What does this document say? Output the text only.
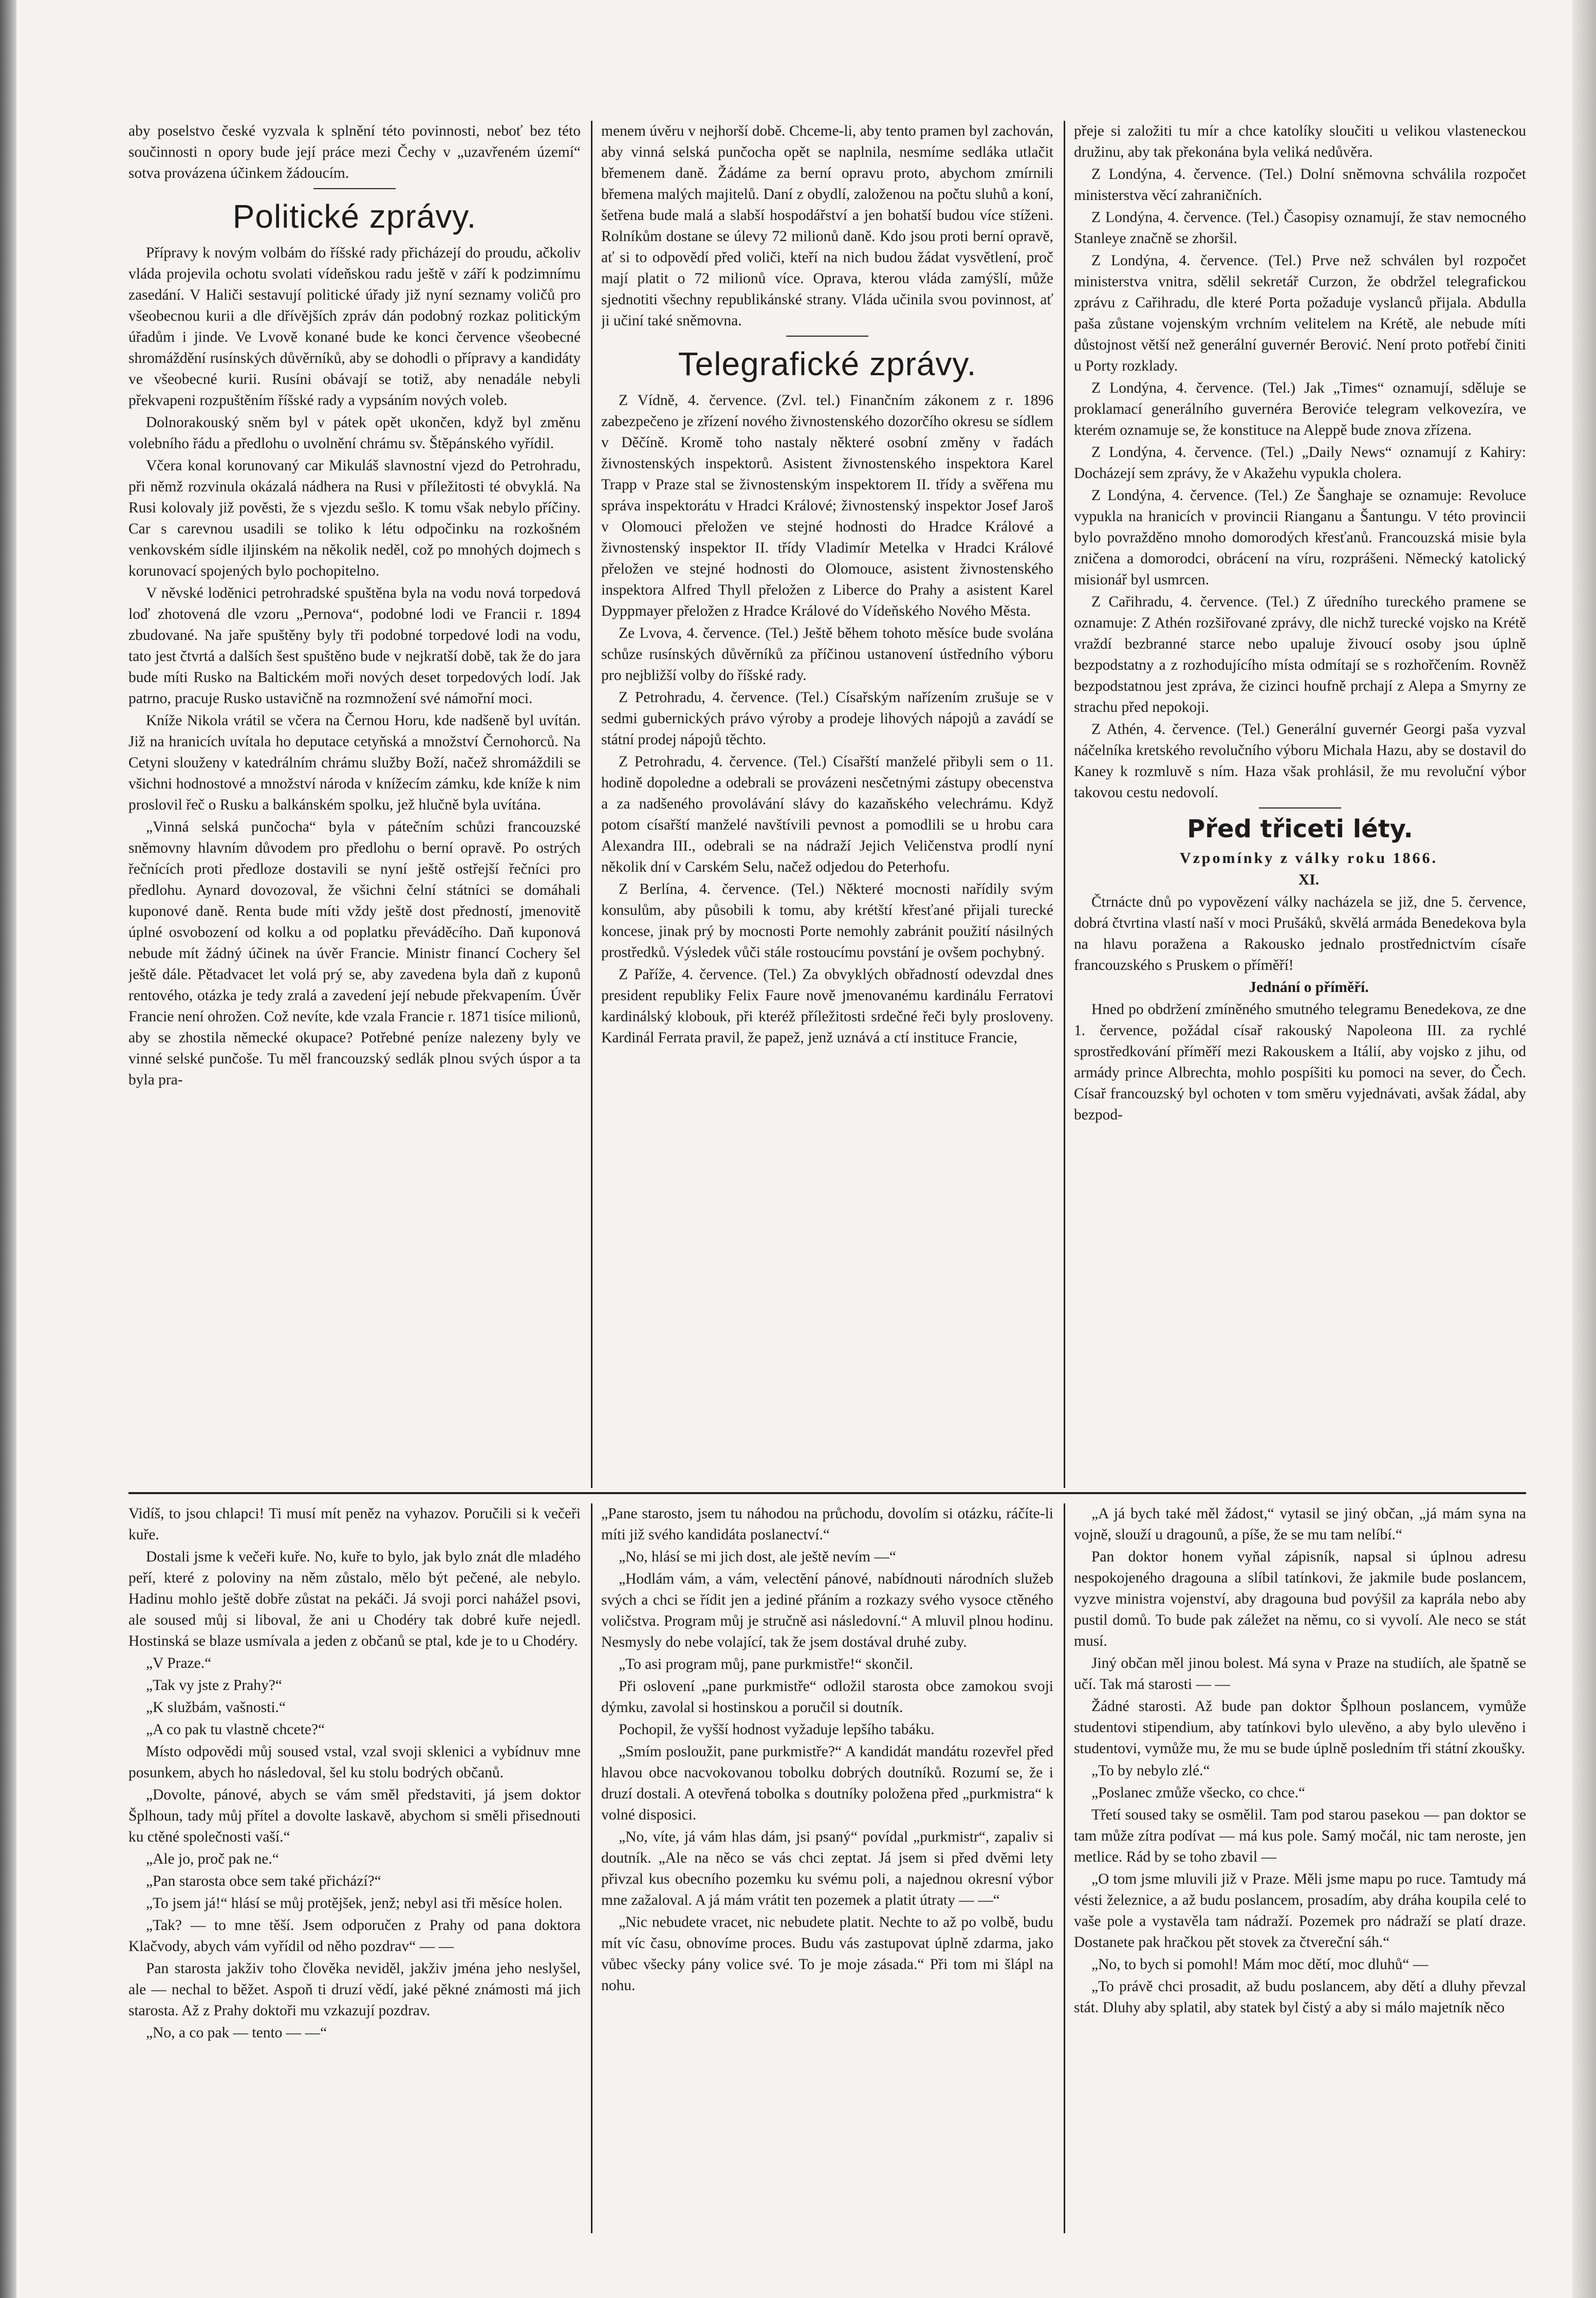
aby poselstvo české vyzvala k splnění této povinnosti, neboť bez této součinnosti n opory bude její práce mezi Čechy v „uzavřeném území“ sotva provázena účinkem žádoucím.

Politické zprávy.

Přípravy k novým volbám do říšské rady přicházejí do proudu, ačkoliv vláda projevila ochotu svolati vídeňskou radu ještě v září k podzimnímu zasedání. V Haliči sestavují politické úřady již nyní seznamy voličů pro všeobecnou kurii a dle dřívějších zpráv dán podobný rozkaz politickým úřadům i jinde. Ve Lvově konané bude ke konci července všeobecné shromáždění rusínských důvěrníků, aby se dohodli o přípravy a kandidáty ve všeobecné kurii. Rusíni obávají se totiž, aby nenadále nebyli překvapeni rozpuštěním říšské rady a vypsáním nových voleb.

Dolnorakouský sněm byl v pátek opět ukončen, když byl změnu volebního řádu a předlohu o uvolnění chrámu sv. Štěpánského vyřídil.

Včera konal korunovaný car Mikuláš slavnostní vjezd do Petrohradu, při němž rozvinula okázalá nádhera na Rusi v příležitosti té obvyklá. Na Rusi kolovaly již pověsti, že s vjezdu sešlo. K tomu však nebylo příčiny. Car s carevnou usadili se toliko k létu odpočinku na rozkošném venkovském sídle iljinském na několik neděl, což po mnohých dojmech s korunovací spojených bylo pochopitelno.

V něvské loděnici petrohradské spuštěna byla na vodu nová torpedová loď zhotovená dle vzoru „Pernova“, podobné lodi ve Francii r. 1894 zbudované. Na jaře spuštěny byly tři podobné torpedové lodi na vodu, tato jest čtvrtá a dalších šest spuštěno bude v nejkratší době, tak že do jara bude míti Rusko na Baltickém moři nových deset torpedových lodí. Jak patrno, pracuje Rusko ustavičně na rozmnožení své námořní moci.

Kníže Nikola vrátil se včera na Černou Horu, kde nadšeně byl uvítán. Již na hranicích uvítala ho deputace cetyňská a množství Černohorců. Na Cetyni slouženy v katedrálním chrámu služby Boží, načež shromáždili se všichni hodnostové a množství národa v knížecím zámku, kde kníže k nim proslovil řeč o Rusku a balkánském spolku, jež hlučně byla uvítána.

„Vinná selská punčocha“ byla v pátečním schůzi francouzské sněmovny hlavním důvodem pro předlohu o berní opravě. Po ostrých řečnících proti předloze dostavili se nyní ještě ostřejší řečníci pro předlohu. Aynard dovozoval, že všichni čelní státníci se domáhali kuponové daně. Renta bude míti vždy ještě dost předností, jmenovitě úplné osvobození od kolku a od poplatku převáděcího. Daň kuponová nebude mít žádný účinek na úvěr Francie. Ministr financí Cochery šel ještě dále. Pětadvacet let volá prý se, aby zavedena byla daň z kuponů rentového, otázka je tedy zralá a zavedení její nebude překvapením. Úvěr Francie není ohrožen. Což nevíte, kde vzala Francie r. 1871 tisíce milionů, aby se zhostila německé okupace? Potřebné peníze nalezeny byly ve vinné selské punčoše. Tu měl francouzský sedlák plnou svých úspor a ta byla pra-

menem úvěru v nejhorší době. Chceme-li, aby tento pramen byl zachován, aby vinná selská punčocha opět se naplnila, nesmíme sedláka utlačit břemenem daně. Žádáme za berní opravu proto, abychom zmírnili břemena malých majitelů. Daní z obydlí, založenou na počtu sluhů a koní, šetřena bude malá a slabší hospodářství a jen bohatší budou více stíženi. Rolníkům dostane se úlevy 72 milionů daně. Kdo jsou proti berní opravě, ať si to odpovědí před voliči, kteří na nich budou žádat vysvětlení, proč mají platit o 72 milionů více. Oprava, kterou vláda zamýšlí, může sjednotiti všechny republikánské strany. Vláda učinila svou povinnost, ať ji učiní také sněmovna.

Telegrafické zprávy.

Z Vídně, 4. července. (Zvl. tel.) Finančním zákonem z r. 1896 zabezpečeno je zřízení nového živnostenského dozorčího okresu se sídlem v Děčíně. Kromě toho nastaly některé osobní změny v řadách živnostenských inspektorů. Asistent živnostenského inspektora Karel Trapp v Praze stal se živnostenským inspektorem II. třídy a svěřena mu správa inspektorátu v Hradci Králové; živnostenský inspektor Josef Jaroš v Olomouci přeložen ve stejné hodnosti do Hradce Králové a živnostenský inspektor II. třídy Vladimír Metelka v Hradci Králové přeložen ve stejné hodnosti do Olomouce, asistent živnostenského inspektora Alfred Thyll přeložen z Liberce do Prahy a asistent Karel Dyppmayer přeložen z Hradce Králové do Vídeňského Nového Města.

Ze Lvova, 4. července. (Tel.) Ještě během tohoto měsíce bude svolána schůze rusínských důvěrníků za příčinou ustanovení ústředního výboru pro nejbližší volby do říšské rady.

Z Petrohradu, 4. července. (Tel.) Císařským nařízením zrušuje se v sedmi gubernických právo výroby a prodeje lihových nápojů a zavádí se státní prodej nápojů těchto.

Z Petrohradu, 4. července. (Tel.) Císařští manželé přibyli sem o 11. hodině dopoledne a odebrali se provázeni nesčetnými zástupy obecenstva a za nadšeného provolávání slávy do kazaňského velechrámu. Když potom císařští manželé navštívili pevnost a pomodlili se u hrobu cara Alexandra III., odebrali se na nádraží Jejich Veličenstva prodlí nyní několik dní v Carském Selu, načež odjedou do Peterhofu.

Z Berlína, 4. července. (Tel.) Některé mocnosti nařídily svým konsulům, aby působili k tomu, aby krétští křesťané přijali turecké koncese, jinak prý by mocnosti Porte nemohly zabránit použití násilných prostředků. Výsledek vůči stále rostoucímu povstání je ovšem pochybný.

Z Paříže, 4. července. (Tel.) Za obvyklých obřadností odevzdal dnes president republiky Felix Faure nově jmenovanému kardinálu Ferratovi kardinálský klobouk, při kteréž příležitosti srdečné řeči byly prosloveny. Kardinál Ferrata pravil, že papež, jenž uznává a ctí instituce Francie,

přeje si založiti tu mír a chce katolíky sloučiti u velikou vlasteneckou družinu, aby tak překonána byla veliká nedůvěra.

Z Londýna, 4. července. (Tel.) Dolní sněmovna schválila rozpočet ministerstva věcí zahraničních.

Z Londýna, 4. července. (Tel.) Časopisy oznamují, že stav nemocného Stanleye značně se zhoršil.

Z Londýna, 4. července. (Tel.) Prve než schválen byl rozpočet ministerstva vnitra, sdělil sekretář Curzon, že obdržel telegrafickou zprávu z Cařihradu, dle které Porta požaduje vyslanců přijala. Abdulla paša zůstane vojenským vrchním velitelem na Krétě, ale nebude míti důstojnost větší než generální guvernér Berović. Není proto potřebí činiti u Porty rozklady.

Z Londýna, 4. července. (Tel.) Jak „Times“ oznamují, sděluje se proklamací generálního guvernéra Berovićе telegram velkovezíra, ve kterém oznamuje se, že konstituce na Aleppě bude znova zřízena.

Z Londýna, 4. července. (Tel.) „Daily News“ oznamují z Kahiry: Docházejí sem zprávy, že v Akažehu vypukla cholera.

Z Londýna, 4. července. (Tel.) Ze Šanghaje se oznamuje: Revoluce vypukla na hranicích v provincii Rianganu a Šantungu. V této provincii bylo povražděno mnoho domorodých křesťanů. Francouzská misie byla zničena a domorodci, obrácení na víru, rozprášeni. Německý katolický misionář byl usmrcen.

Z Cařihradu, 4. července. (Tel.) Z úředního tureckého pramene se oznamuje: Z Athén rozšiřované zprávy, dle nichž turecké vojsko na Krétě vraždí bezbranné starce nebo upaluje živoucí osoby jsou úplně bezpodstatny a z rozhodujícího místa odmítají se s rozhořčením. Rovněž bezpodstatnou jest zpráva, že cizinci houfně prchají z Alepa a Smyrny ze strachu před nepokoji.

Z Athén, 4. července. (Tel.) Generální guvernér Georgi paša vyzval náčelníka kretského revolučního výboru Michala Hazu, aby se dostavil do Kaney k rozmluvě s ním. Haza však prohlásil, že mu revoluční výbor takovou cestu nedovolí.

Před třiceti léty.

Vzpomínky z války roku 1866.

XI.

Čtrnácte dnů po vypovězení války nacházela se již, dne 5. července, dobrá čtvrtina vlastí naší v moci Prušáků, skvělá armáda Benedekova byla na hlavu poražena a Rakousko jednalo prostřednictvím císaře francouzského s Pruskem o příměří!

Jednání o příměří.

Hned po obdržení zmíněného smutného telegramu Benedekova, ze dne 1. července, požádal císař rakouský Napoleona III. za rychlé sprostředkování příměří mezi Rakouskem a Itálií, aby vojsko z jihu, od armády prince Albrechta, mohlo pospíšiti ku pomoci na sever, do Čech. Císař francouzský byl ochoten v tom směru vyjednávati, avšak žádal, aby bezpod-

Vidíš, to jsou chlapci! Ti musí mít peněz na vyhazov. Poručili si k večeři kuře.

Dostali jsme k večeři kuře. No, kuře to bylo, jak bylo znát dle mladého peří, které z poloviny na něm zůstalo, mělo být pečené, ale nebylo. Hadinu mohlo ještě dobře zůstat na pekáči. Já svoji porci nahážel psovi, ale soused můj si liboval, že ani u Chodéry tak dobré kuře nejedl. Hostinská se blaze usmívala a jeden z občanů se ptal, kde je to u Chodéry.

„V Praze.“

„Tak vy jste z Prahy?“

„K službám, vašnosti.“

„A co pak tu vlastně chcete?“

Místo odpovědi můj soused vstal, vzal svoji sklenici a vybídnuv mne posunkem, abych ho následoval, šel ku stolu bodrých občanů.

„Dovolte, pánové, abych se vám směl představiti, já jsem doktor Šplhoun, tady můj přítel a dovolte laskavě, abychom si směli přisednouti ku ctěné společnosti vaší.“

„Ale jo, proč pak ne.“

„Pan starosta obce sem také přichází?“

„To jsem já!“ hlásí se můj protějšek, jenž; nebyl asi tři měsíce holen.

„Tak? — to mne těší. Jsem odporučen z Prahy od pana doktora Klačvody, abych vám vyřídil od něho pozdrav“ — —

Pan starosta jakživ toho člověka neviděl, jakživ jména jeho neslyšel, ale — nechal to běžet. Aspoň ti druzí vědí, jaké pěkné známosti má jich starosta. Až z Prahy doktoři mu vzkazují pozdrav.

„No, a co pak — tento — —“

„Pane starosto, jsem tu náhodou na průchodu, dovolím si otázku, ráčíte-li míti již svého kandidáta poslanectví.“

„No, hlásí se mi jich dost, ale ještě nevím —“

„Hodlám vám, a vám, velectění pánové, nabídnouti národních služeb svých a chci se řídit jen a jediné přáním a rozkazy svého vysoce ctěného voličstva. Program můj je stručně asi následovní.“ A mluvil plnou hodinu. Nesmysly do nebe volající, tak že jsem dostával druhé zuby.

„To asi program můj, pane purkmistře!“ skončil.

Při oslovení „pane purkmistře“ odložil starosta obce zamokou svoji dýmku, zavolal si hostinskou a poručil si doutník.

Pochopil, že vyšší hodnost vyžaduje lepšího tabáku.

„Smím posloužit, pane purkmistře?“ A kandidát mandátu rozevřel před hlavou obce nacvokovanou tobolku dobrých doutníků. Rozumí se, že i druzí dostali. A otevřená tobolka s doutníky položena před „purkmistra“ k volné disposici.

„No, víte, já vám hlas dám, jsi psaný“ povídal „purkmistr“, zapaliv si doutník. „Ale na něco se vás chci zeptat. Já jsem si před dvěmi lety přivzal kus obecního pozemku ku svému poli, a najednou okresní výbor mne zažaloval. A já mám vrátit ten pozemek a platit útraty — —“

„Nic nebudete vracet, nic nebudete platit. Nechte to až po volbě, budu mít víc času, obnovíme proces. Budu vás zastupovat úplně zdarma, jako vůbec všecky pány volice své. To je moje zásada.“ Při tom mi šlápl na nohu.

„A já bych také měl žádost,“ vytasil se jiný občan, „já mám syna na vojně, slouží u dragounů, a píše, že se mu tam nelíbí.“

Pan doktor honem vyňal zápisník, napsal si úplnou adresu nespokojeného dragouna a slíbil tatínkovi, že jakmile bude poslancem, vyzve ministra vojenství, aby dragouna bud povýšil za kaprála nebo aby pustil domů. To bude pak záležet na němu, co si vyvolí. Ale neco se stát musí.

Jiný občan měl jinou bolest. Má syna v Praze na studiích, ale špatně se učí. Tak má starosti — —

Žádné starosti. Až bude pan doktor Šplhoun poslancem, vymůže studentovi stipendium, aby tatínkovi bylo ulevěno, a aby bylo ulevěno i studentovi, vymůže mu, že mu se bude úplně posledním tři státní zkoušky.

„To by nebylo zlé.“

„Poslanec zmůže všecko, co chce.“

Třetí soused taky se osmělil. Tam pod starou pasekou — pan doktor se tam může zítra podívat — má kus pole. Samý močál, nic tam neroste, jen metlice. Rád by se toho zbavil —

„O tom jsme mluvili již v Praze. Měli jsme mapu po ruce. Tamtudy má vésti železnice, a až budu poslancem, prosadím, aby dráha koupila celé to vaše pole a vystavěla tam nádraží. Pozemek pro nádraží se platí draze. Dostanete pak hračkou pět stovek za čtvereční sáh.“

„No, to bych si pomohl! Mám moc dětí, moc dluhů“ —

„To právě chci prosadit, až budu poslancem, aby dětí a dluhy převzal stát. Dluhy aby splatil, aby statek byl čistý a aby si málo majetník něco
